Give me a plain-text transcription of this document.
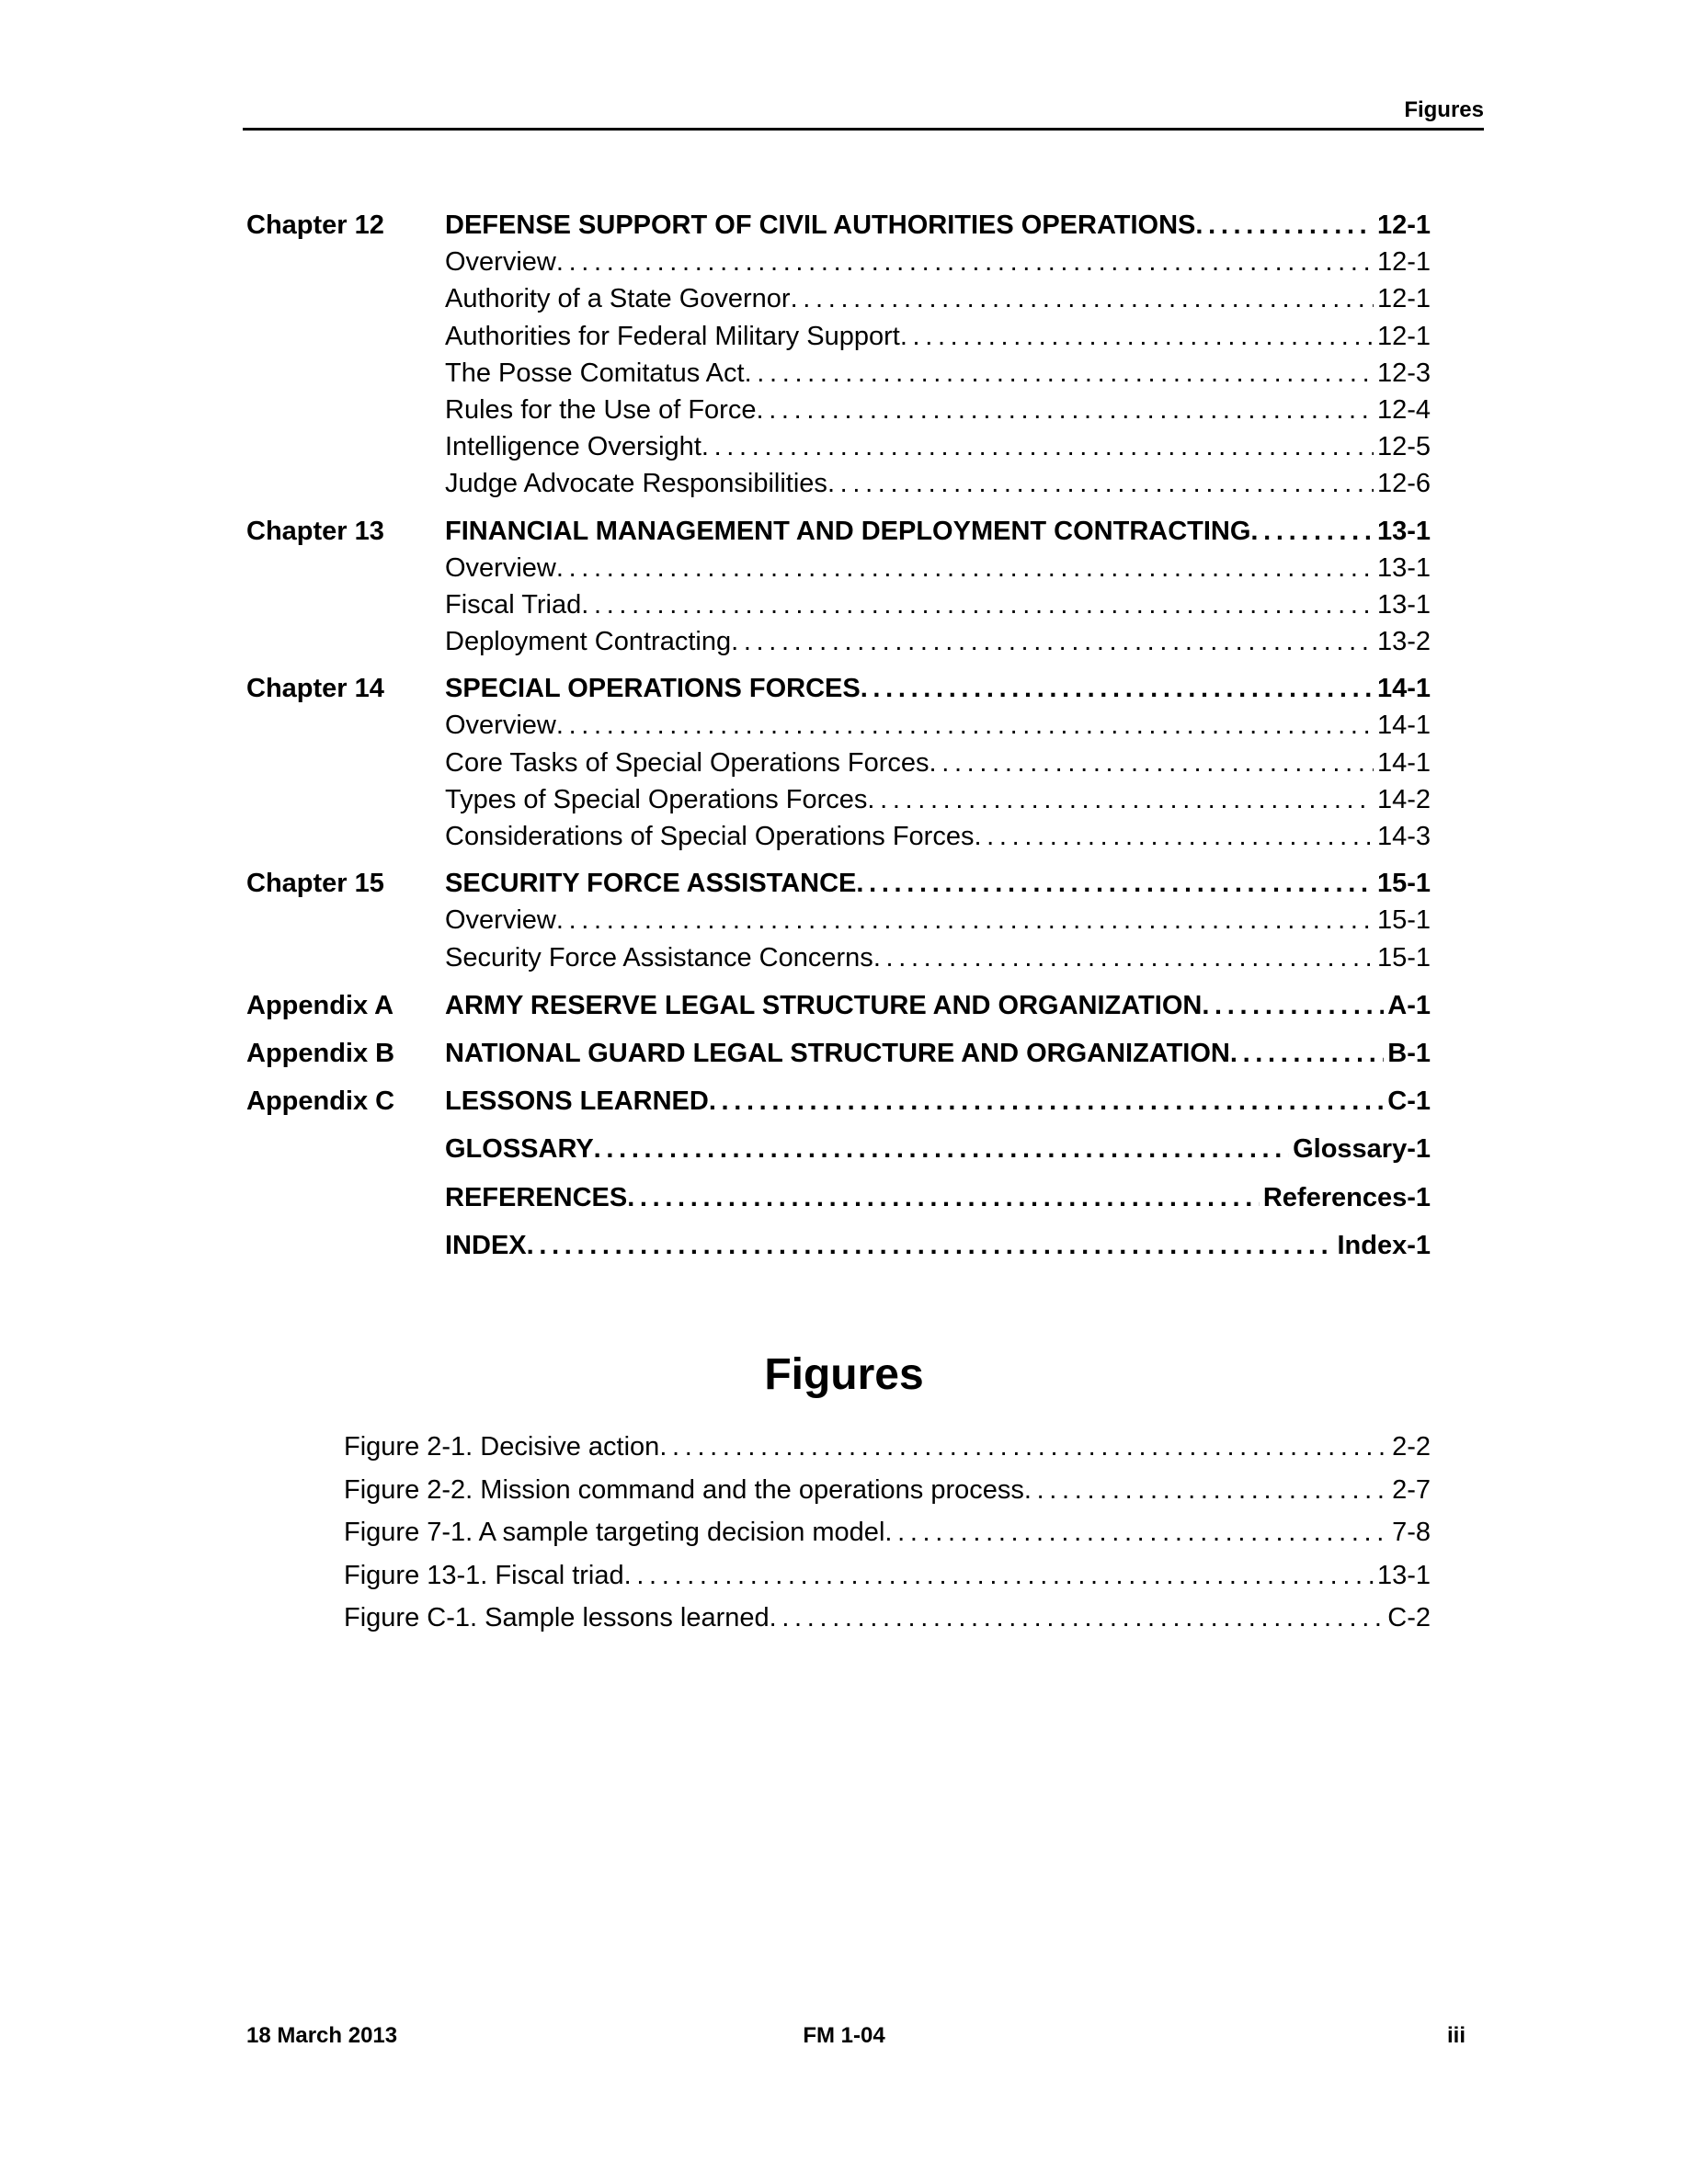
Figures
Chapter 12	DEFENSE SUPPORT OF CIVIL AUTHORITIES OPERATIONS . . .	12-1
Overview . . .	12-1
Authority of a State Governor . . .	12-1
Authorities for Federal Military Support . . .	12-1
The Posse Comitatus Act . . .	12-3
Rules for the Use of Force . . .	12-4
Intelligence Oversight . . .	12-5
Judge Advocate Responsibilities . . .	12-6
Chapter 13	FINANCIAL MANAGEMENT AND DEPLOYMENT CONTRACTING . . .	13-1
Overview . . .	13-1
Fiscal Triad . . .	13-1
Deployment Contracting . . .	13-2
Chapter 14	SPECIAL OPERATIONS FORCES . . .	14-1
Overview . . .	14-1
Core Tasks of Special Operations Forces . . .	14-1
Types of Special Operations Forces . . .	14-2
Considerations of Special Operations Forces . . .	14-3
Chapter 15	SECURITY FORCE ASSISTANCE . . .	15-1
Overview . . .	15-1
Security Force Assistance Concerns . . .	15-1
Appendix A	ARMY RESERVE LEGAL STRUCTURE AND ORGANIZATION . . .	A-1
Appendix B	NATIONAL GUARD LEGAL STRUCTURE AND ORGANIZATION . . .	B-1
Appendix C	LESSONS LEARNED . . .	C-1
GLOSSARY . . .	Glossary-1
REFERENCES . . .	References-1
INDEX . . .	Index-1
Figures
Figure 2-1. Decisive action . . .	2-2
Figure 2-2. Mission command and the operations process . . .	2-7
Figure 7-1. A sample targeting decision model . . .	7-8
Figure 13-1. Fiscal triad . . .	13-1
Figure C-1. Sample lessons learned . . .	C-2
18 March 2013	FM 1-04	iii
